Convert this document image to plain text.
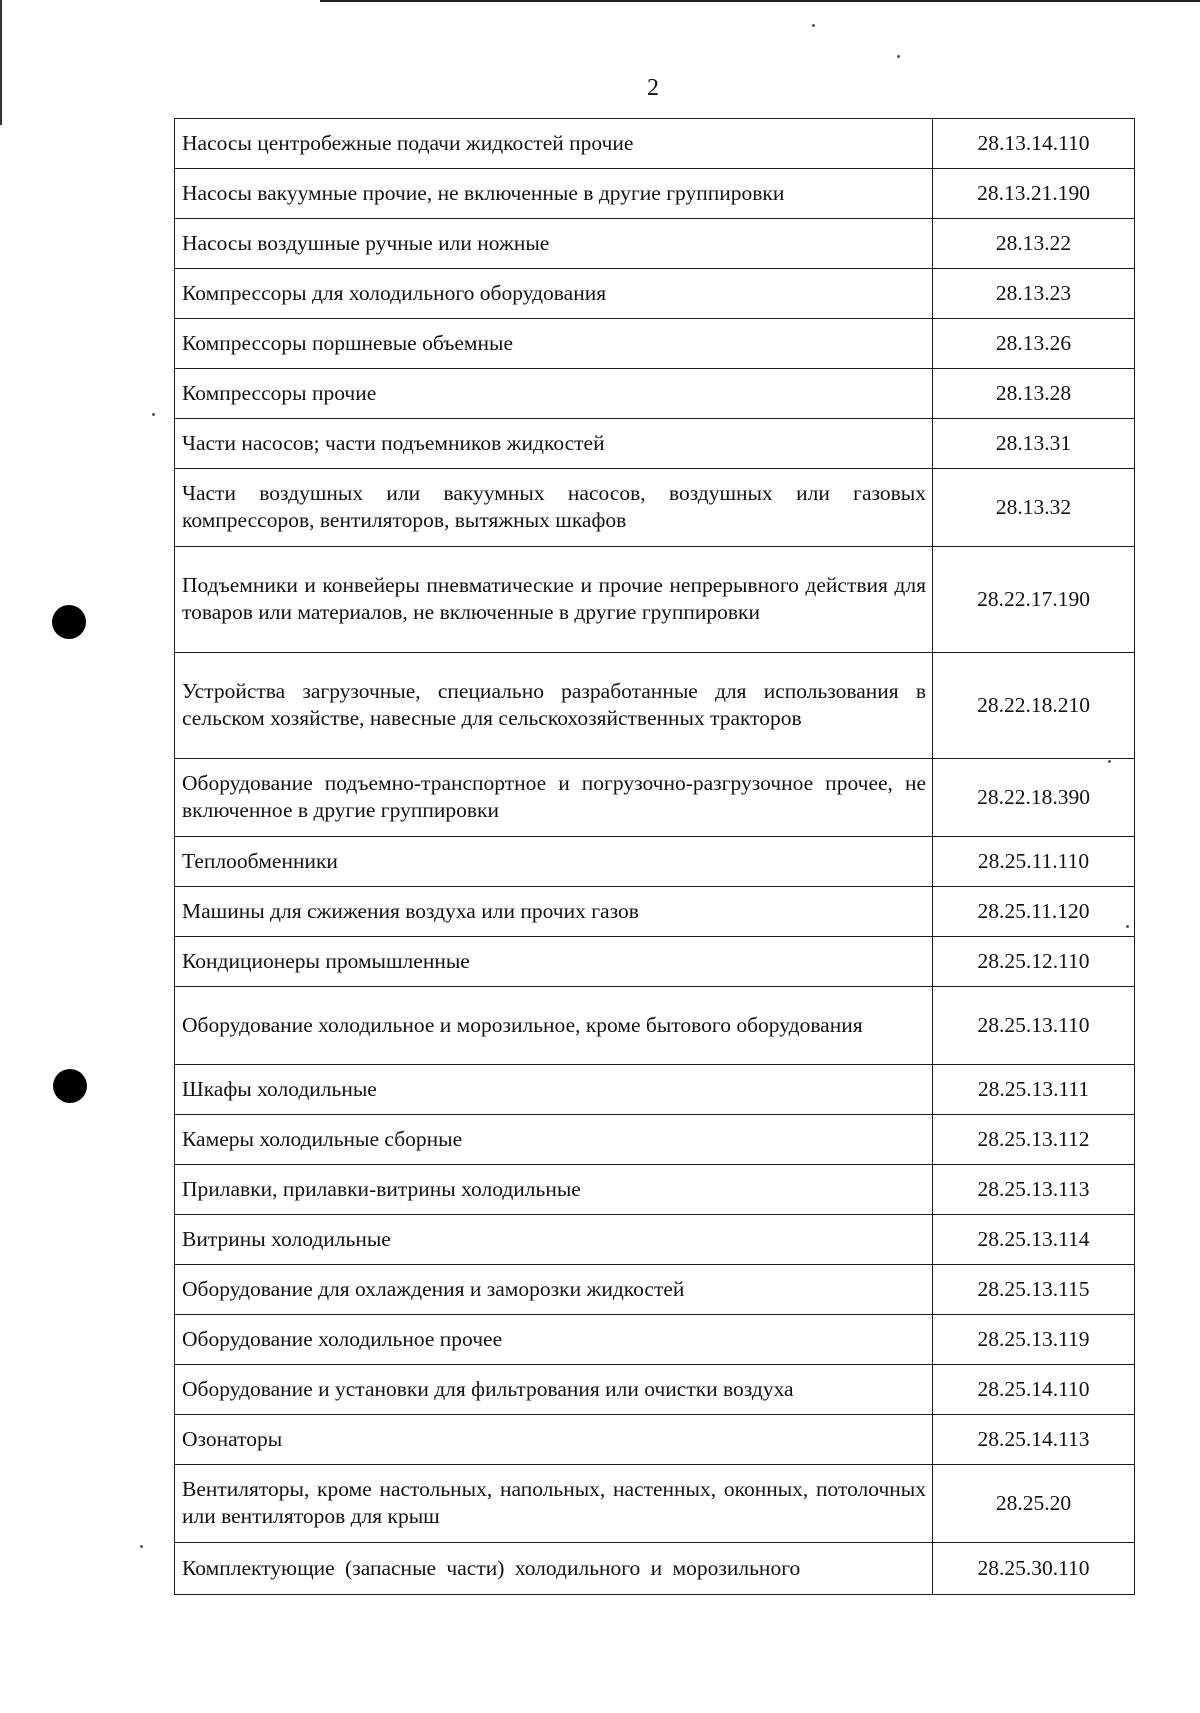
2
Насосы центробежные подачи жидкостей прочие	28.13.14.110
Насосы вакуумные прочие, не включенные в другие группировки	28.13.21.190
Насосы воздушные ручные или ножные	28.13.22
Компрессоры для холодильного оборудования	28.13.23
Компрессоры поршневые объемные	28.13.26
Компрессоры прочие	28.13.28
Части насосов; части подъемников жидкостей	28.13.31
Части воздушных или вакуумных насосов, воздушных или газовых компрессоров, вентиляторов, вытяжных шкафов	28.13.32
Подъемники и конвейеры пневматические и прочие непрерывного действия для товаров или материалов, не включенные в другие группировки	28.22.17.190
Устройства загрузочные, специально разработанные для использования в сельском хозяйстве, навесные для сельскохозяйственных тракторов	28.22.18.210
Оборудование подъемно-транспортное и погрузочно-разгрузочное прочее, не включенное в другие группировки	28.22.18.390
Теплообменники	28.25.11.110
Машины для сжижения воздуха или прочих газов	28.25.11.120
Кондиционеры промышленные	28.25.12.110
Оборудование холодильное и морозильное, кроме бытового оборудования	28.25.13.110
Шкафы холодильные	28.25.13.111
Камеры холодильные сборные	28.25.13.112
Прилавки, прилавки-витрины холодильные	28.25.13.113
Витрины холодильные	28.25.13.114
Оборудование для охлаждения и заморозки жидкостей	28.25.13.115
Оборудование холодильное прочее	28.25.13.119
Оборудование и установки для фильтрования или очистки воздуха	28.25.14.110
Озонаторы	28.25.14.113
Вентиляторы, кроме настольных, напольных, настенных, оконных, потолочных или вентиляторов для крыш	28.25.20
Комплектующие (запасные части) холодильного и морозильного	28.25.30.110
